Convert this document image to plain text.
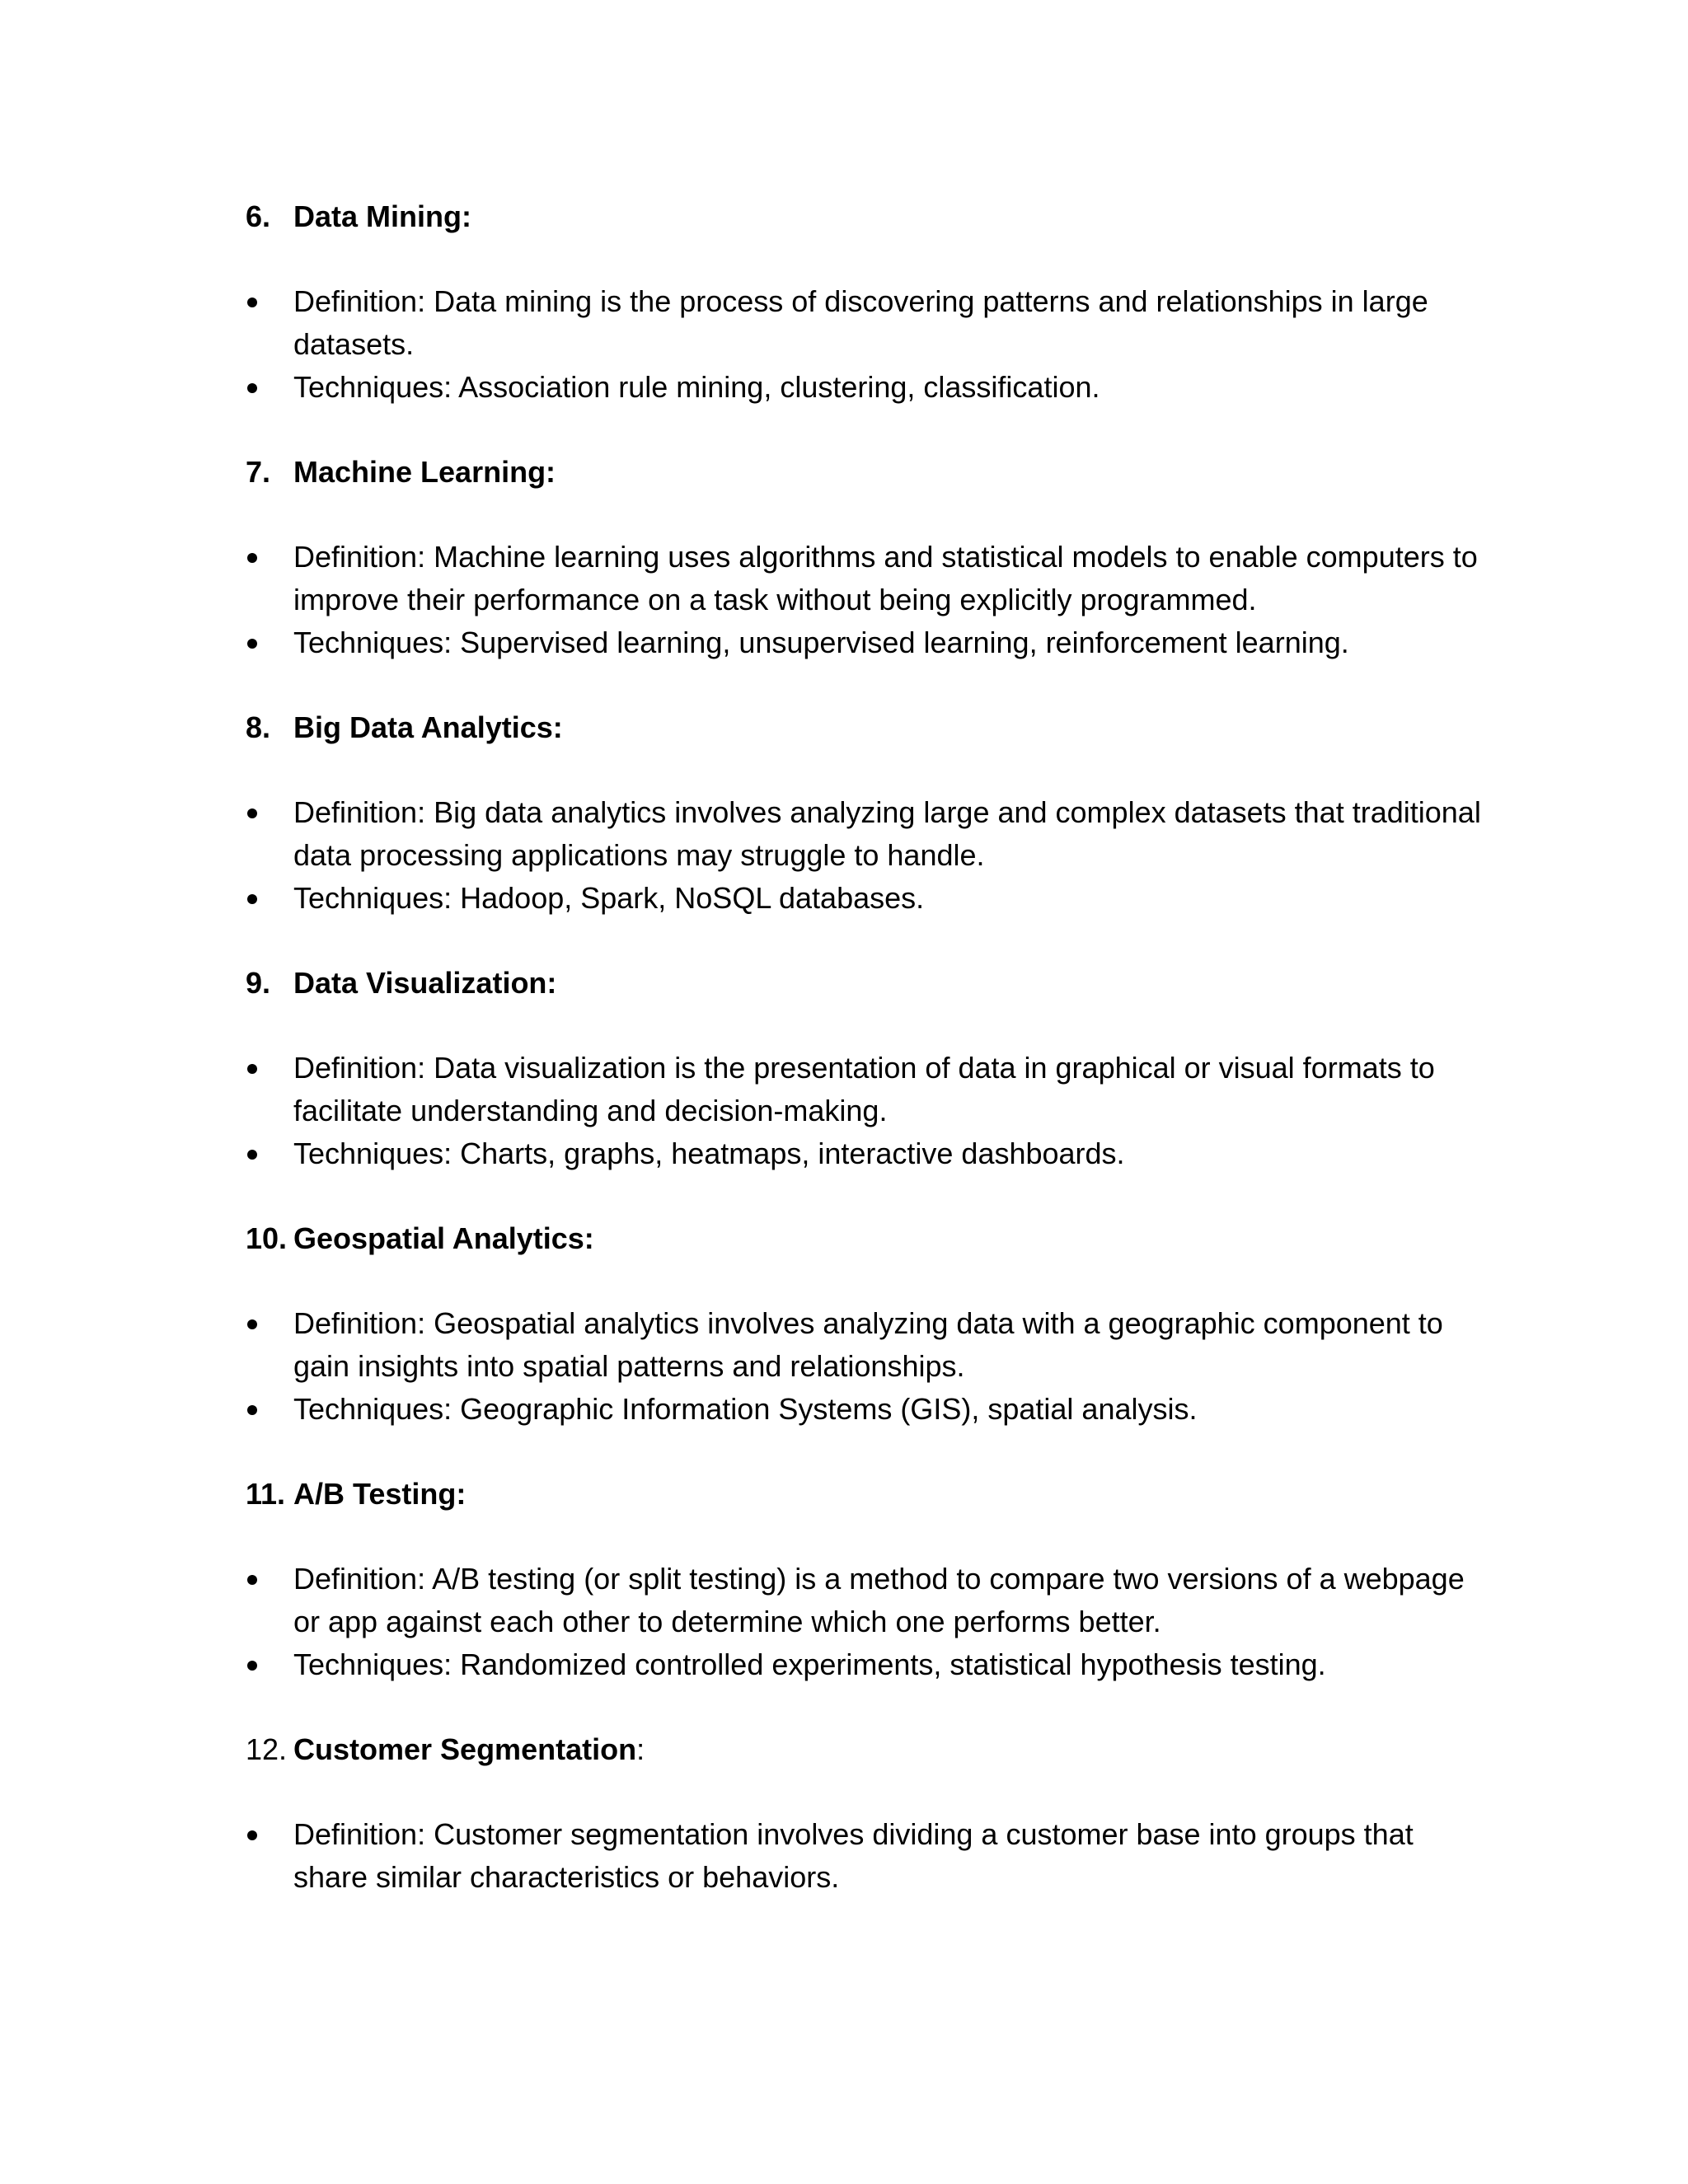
6. Data Mining:
Definition: Data mining is the process of discovering patterns and relationships in large datasets.
Techniques: Association rule mining, clustering, classification.
7. Machine Learning:
Definition: Machine learning uses algorithms and statistical models to enable computers to improve their performance on a task without being explicitly programmed.
Techniques: Supervised learning, unsupervised learning, reinforcement learning.
8. Big Data Analytics:
Definition: Big data analytics involves analyzing large and complex datasets that traditional data processing applications may struggle to handle.
Techniques: Hadoop, Spark, NoSQL databases.
9. Data Visualization:
Definition: Data visualization is the presentation of data in graphical or visual formats to facilitate understanding and decision-making.
Techniques: Charts, graphs, heatmaps, interactive dashboards.
10. Geospatial Analytics:
Definition: Geospatial analytics involves analyzing data with a geographic component to gain insights into spatial patterns and relationships.
Techniques: Geographic Information Systems (GIS), spatial analysis.
11. A/B Testing:
Definition: A/B testing (or split testing) is a method to compare two versions of a webpage or app against each other to determine which one performs better.
Techniques: Randomized controlled experiments, statistical hypothesis testing.
12. Customer Segmentation:
Definition: Customer segmentation involves dividing a customer base into groups that share similar characteristics or behaviors.
